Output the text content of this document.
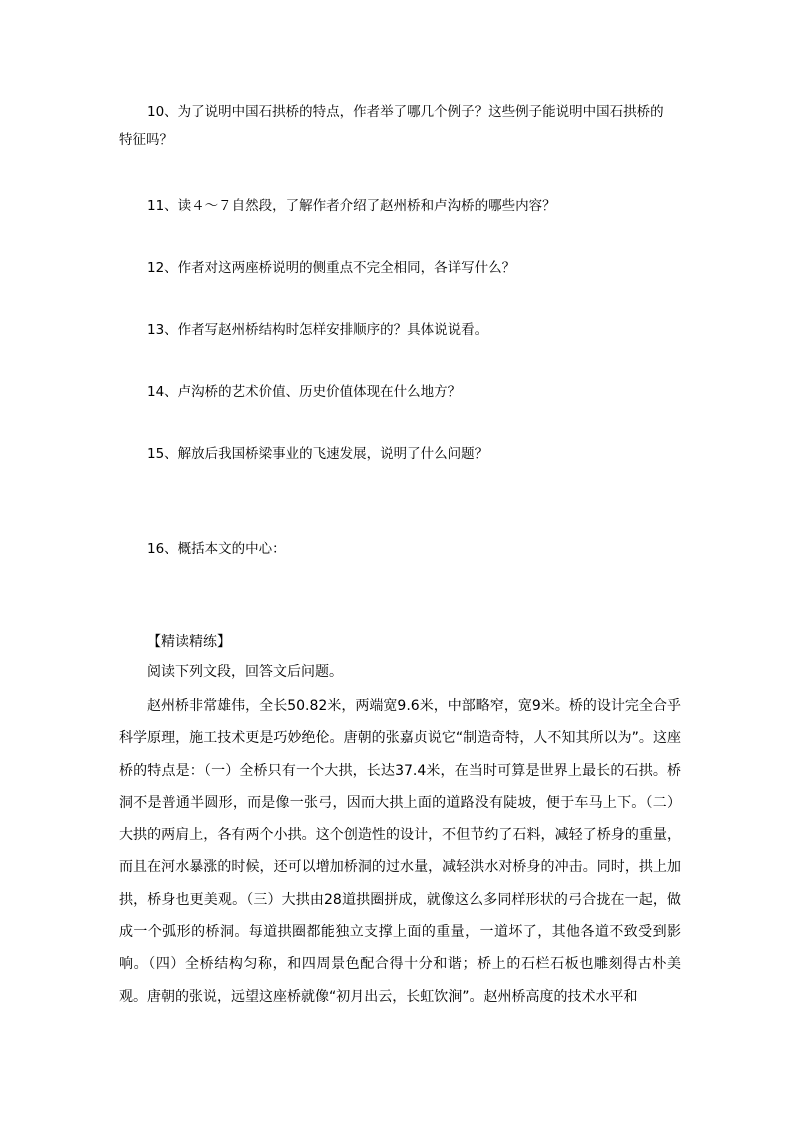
10、为了说明中国石拱桥的特点，作者举了哪几个例子？这些例子能说明中国石拱桥的
特征吗？

11、读４～７自然段，了解作者介绍了赵州桥和卢沟桥的哪些内容？

12、作者对这两座桥说明的侧重点不完全相同，各详写什么？

13、作者写赵州桥结构时怎样安排顺序的？具体说说看。

14、卢沟桥的艺术价值、历史价值体现在什么地方？

15、解放后我国桥梁事业的飞速发展，说明了什么问题？

16、概括本文的中心：

【精读精练】

阅读下列文段，回答文后问题。

赵州桥非常雄伟，全长50.82米，两端宽9.6米，中部略窄，宽9米。桥的设计完全合乎科学原理，施工技术更是巧妙绝伦。唐朝的张嘉贞说它“制造奇特，人不知其所以为”。这座桥的特点是：（一）全桥只有一个大拱，长达37.4米，在当时可算是世界上最长的石拱。桥洞不是普通半圆形，而是像一张弓，因而大拱上面的道路没有陡坡，便于车马上下。（二）大拱的两肩上，各有两个小拱。这个创造性的设计，不但节约了石料，减轻了桥身的重量，而且在河水暴涨的时候，还可以增加桥洞的过水量，减轻洪水对桥身的冲击。同时，拱上加拱，桥身也更美观。（三）大拱由28道拱圈拼成，就像这么多同样形状的弓合拢在一起，做成一个弧形的桥洞。每道拱圈都能独立支撑上面的重量，一道坏了，其他各道不致受到影响。（四）全桥结构匀称，和四周景色配合得十分和谐；桥上的石栏石板也雕刻得古朴美观。唐朝的张说，远望这座桥就像“初月出云，长虹饮涧”。赵州桥高度的技术水平和
